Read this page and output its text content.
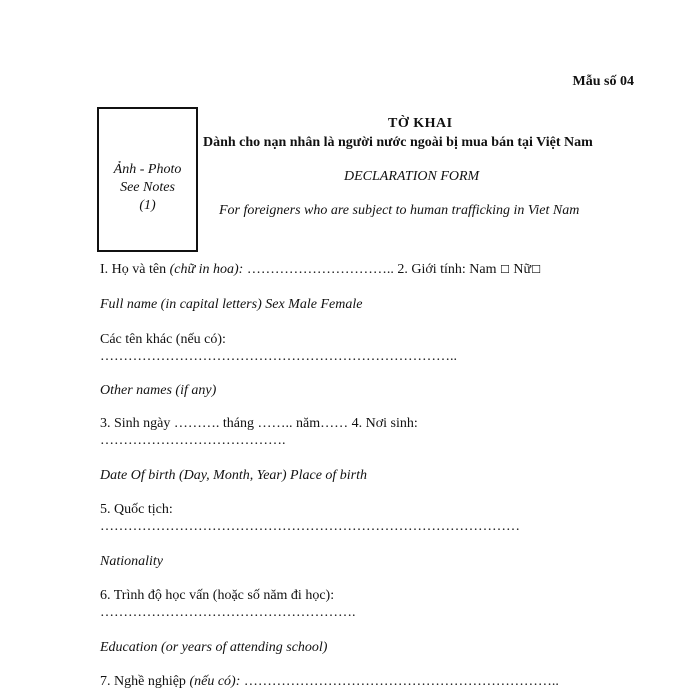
Mẫu số 04
Ảnh - Photo
See Notes
(1)
TỜ KHAI
Dành cho nạn nhân là người nước ngoài bị mua bán tại Việt Nam
DECLARATION FORM
For foreigners who are subject to human trafficking in Viet Nam
I. Họ và tên (chữ in hoa): ………………………….. 2. Giới tính: Nam ☐ Nữ☐
Full name (in capital letters) Sex Male Female
Các tên khác (nếu có):
…………………………………………………………………..
Other names (if any)
3. Sinh ngày ………. tháng …….. năm…… 4. Nơi sinh:
………………………………….
Date Of birth (Day, Month, Year) Place of birth
5. Quốc tịch:
………………………………………………………………………………
Nationality
6. Trình độ học vấn (hoặc số năm đi học):
……………………………………………….
Education (or years of attending school)
7. Nghề nghiệp (nếu có): …………………………………………………………..
